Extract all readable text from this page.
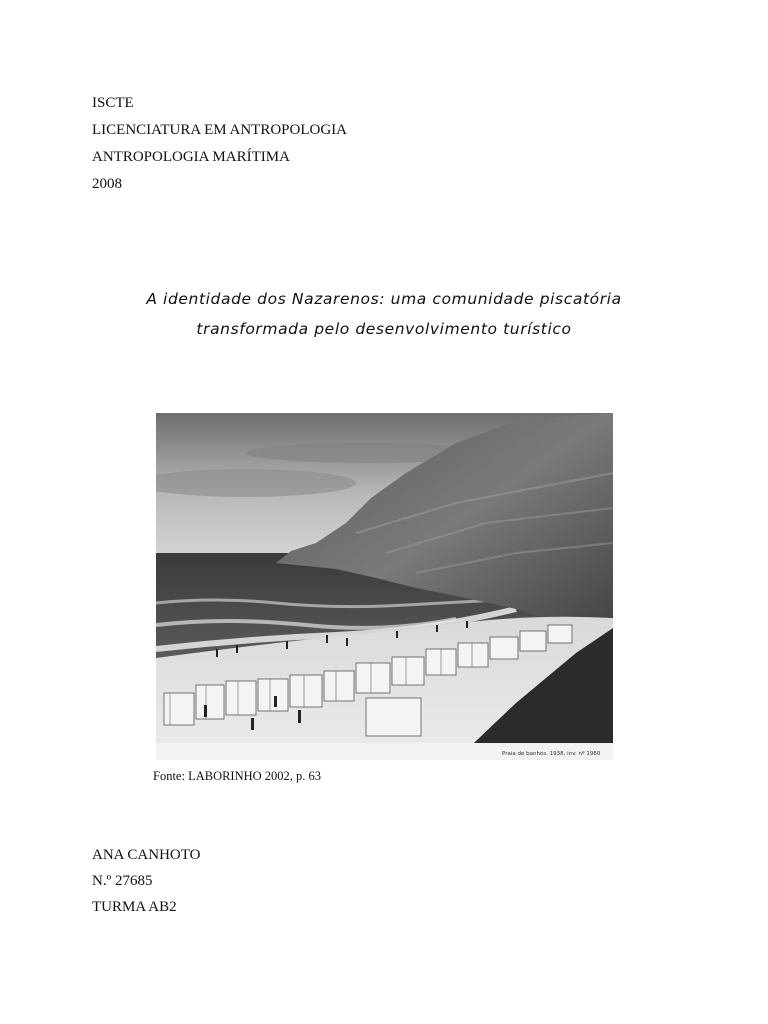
ISCTE
LICENCIATURA EM ANTROPOLOGIA
ANTROPOLOGIA MARÍTIMA
2008
A identidade dos Nazarenos: uma comunidade piscatória
transformada pelo desenvolvimento turístico
Praia de banhos. 1938, inv. nº 1960
Fonte: LABORINHO 2002, p. 63
ANA CANHOTO
N.º 27685
TURMA AB2
